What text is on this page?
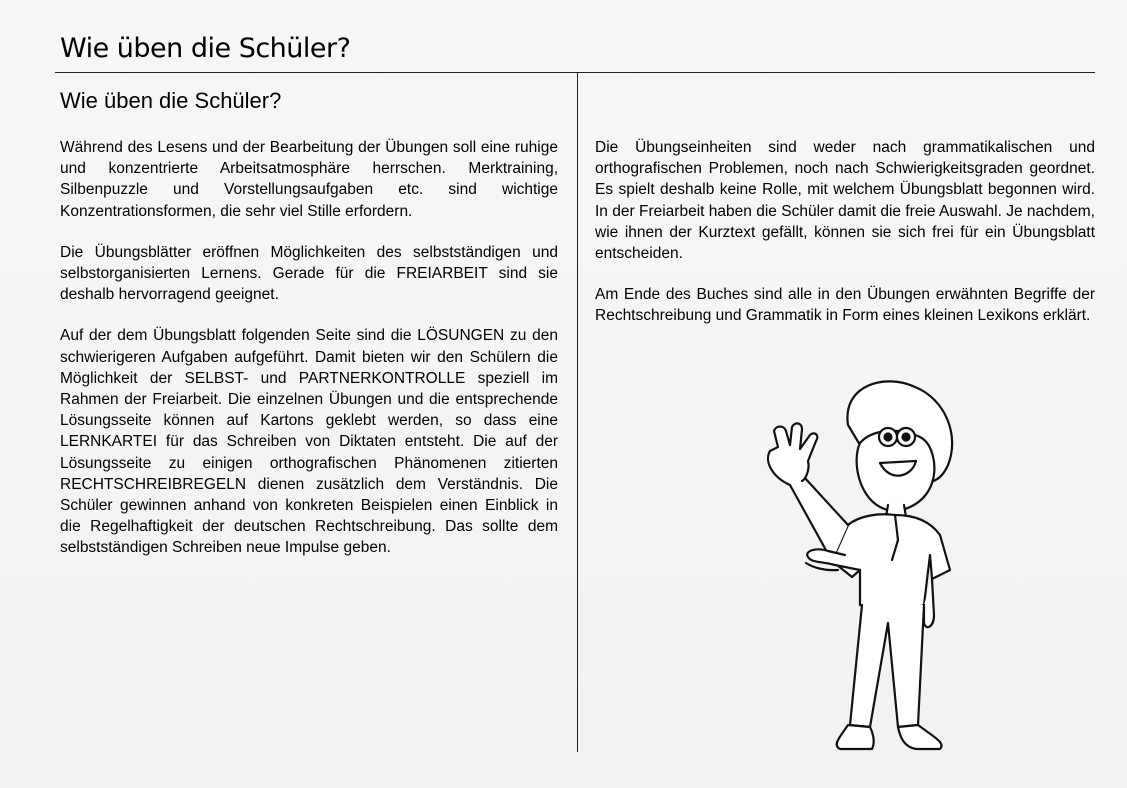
Wie üben die Schüler?
Wie üben die Schüler?

Während des Lesens und der Bearbeitung der Übungen soll eine ruhige und konzentrierte Arbeitsatmosphäre herrschen. Merktraining, Silbenpuzzle und Vorstellungsaufgaben etc. sind wichtige Konzentrationsformen, die sehr viel Stille erfordern.

Die Übungsblätter eröffnen Möglichkeiten des selbstständigen und selbstorganisierten Lernens. Gerade für die FREIARBEIT sind sie deshalb hervorragend geeignet.

Auf der dem Übungsblatt folgenden Seite sind die LÖSUNGEN zu den schwierigeren Aufgaben aufgeführt. Damit bieten wir den Schülern die Möglichkeit der SELBST- und PARTNERKONTROLLE speziell im Rahmen der Freiarbeit. Die einzelnen Übungen und die entsprechende Lösungsseite können auf Kartons geklebt werden, so dass eine LERNKARTEI für das Schreiben von Diktaten entsteht. Die auf der Lösungsseite zu einigen orthografischen Phänomenen zitierten RECHTSCHREIBREGELN dienen zusätzlich dem Verständnis. Die Schüler gewinnen anhand von konkreten Beispielen einen Einblick in die Regelhaftigkeit der deutschen Rechtschreibung. Das sollte dem selbstständigen Schreiben neue Impulse geben.

Die Übungseinheiten sind weder nach grammatikalischen und orthografischen Problemen, noch nach Schwierigkeitsgraden geordnet. Es spielt deshalb keine Rolle, mit welchem Übungsblatt begonnen wird. In der Freiarbeit haben die Schüler damit die freie Auswahl. Je nachdem, wie ihnen der Kurztext gefällt, können sie sich frei für ein Übungsblatt entscheiden.

Am Ende des Buches sind alle in den Übungen erwähnten Begriffe der Rechtschreibung und Grammatik in Form eines kleinen Lexikons erklärt.
